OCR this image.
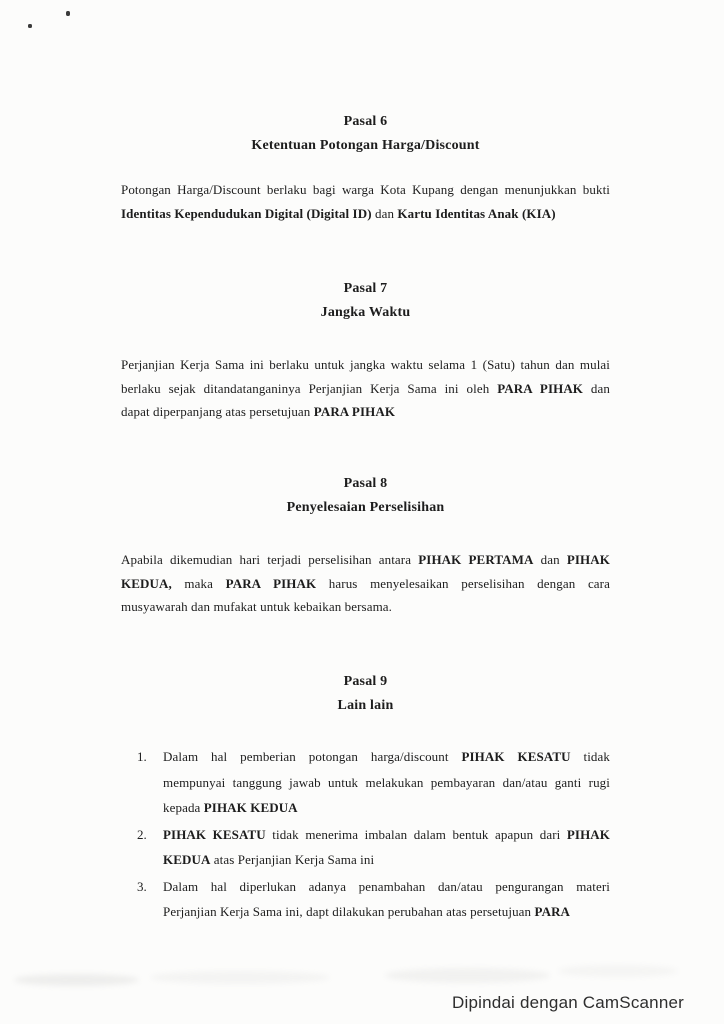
Pasal 6
Ketentuan Potongan Harga/Discount
Potongan Harga/Discount berlaku bagi warga Kota Kupang dengan menunjukkan bukti
Identitas Kependudukan Digital (Digital ID) dan Kartu Identitas Anak (KIA)
Pasal 7
Jangka Waktu
Perjanjian Kerja Sama ini berlaku untuk jangka waktu selama 1 (Satu) tahun dan mulai
berlaku sejak ditandatanganinya Perjanjian Kerja Sama ini oleh PARA PIHAK dan
dapat diperpanjang atas persetujuan PARA PIHAK
Pasal 8
Penyelesaian Perselisihan
Apabila dikemudian hari terjadi perselisihan antara PIHAK PERTAMA dan PIHAK
KEDUA, maka PARA PIHAK harus menyelesaikan perselisihan dengan cara
musyawarah dan mufakat untuk kebaikan bersama.
Pasal 9
Lain lain
1.	Dalam hal pemberian potongan harga/discount PIHAK KESATU tidak
mempunyai tanggung jawab untuk melakukan pembayaran dan/atau ganti rugi
kepada PIHAK KEDUA
2.	PIHAK KESATU tidak menerima imbalan dalam bentuk apapun dari PIHAK
KEDUA atas Perjanjian Kerja Sama ini
3.	Dalam hal diperlukan adanya penambahan dan/atau pengurangan materi
Perjanjian Kerja Sama ini, dapt dilakukan perubahan atas persetujuan PARA
Dipindai dengan CamScanner
